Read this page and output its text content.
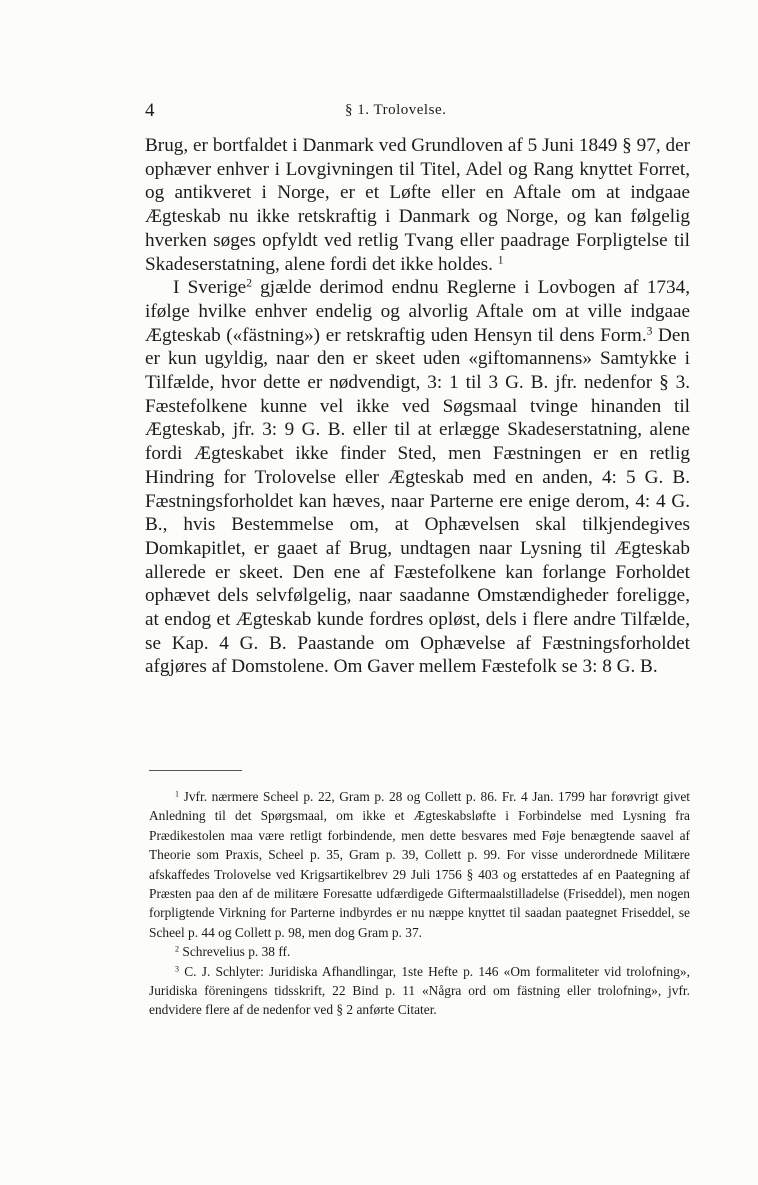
4	§ 1. Trolovelse.

Brug, er bortfaldet i Danmark ved Grundloven af 5 Juni 1849 § 97, der ophæver enhver i Lovgivningen til Titel, Adel og Rang knyttet Forret, og antikveret i Norge, er et Løfte eller en Aftale om at indgaae Ægteskab nu ikke retskraftig i Danmark og Norge, og kan følgelig hverken søges opfyldt ved retlig Tvang eller paadrage Forpligtelse til Skadeserstatning, alene fordi det ikke holdes. $^1$

I Sverige$^2$ gjælde derimod endnu Reglerne i Lovbogen af 1734, ifølge hvilke enhver endelig og alvorlig Aftale om at ville indgaae Ægteskab («fästning») er retskraftig uden Hensyn til dens Form.$^3$ Den er kun ugyldig, naar den er skeet uden «giftomannens» Samtykke i Tilfælde, hvor dette er nødvendigt, 3: 1 til 3 G. B. jfr. nedenfor § 3. Fæstefolkene kunne vel ikke ved Søgsmaal tvinge hinanden til Ægteskab, jfr. 3: 9 G. B. eller til at erlægge Skadeserstatning, alene fordi Ægteskabet ikke finder Sted, men Fæstningen er en retlig Hindring for Trolovelse eller Ægteskab med en anden, 4: 5 G. B. Fæstningsforholdet kan hæves, naar Parterne ere enige derom, 4: 4 G. B., hvis Bestemmelse om, at Ophævelsen skal tilkjendegives Domkapitlet, er gaaet af Brug, undtagen naar Lysning til Ægteskab allerede er skeet. Den ene af Fæstefolkene kan forlange Forholdet ophævet dels selvfølgelig, naar saadanne Omstændigheder foreligge, at endog et Ægteskab kunde fordres opløst, dels i flere andre Tilfælde, se Kap. 4 G. B. Paastande om Ophævelse af Fæstningsforholdet afgjøres af Domstolene. Om Gaver mellem Fæstefolk se 3: 8 G. B.

$^1$ Jvfr. nærmere Scheel p. 22, Gram p. 28 og Collett p. 86. Fr. 4 Jan. 1799 har forøvrigt givet Anledning til det Spørgsmaal, om ikke et Ægteskabsløfte i Forbindelse med Lysning fra Prædikestolen maa være retligt forbindende, men dette besvares med Føje benægtende saavel af Theorie som Praxis, Scheel p. 35, Gram p. 39, Collett p. 99. For visse underordnede Militære afskaffedes Trolovelse ved Krigsartikelbrev 29 Juli 1756 § 403 og erstattedes af en Paategning af Præsten paa den af de militære Foresatte udfærdigede Giftermaalstilladelse (Friseddel), men nogen forpligtende Virkning for Parterne indbyrdes er nu næppe knyttet til saadan paategnet Friseddel, se Scheel p. 44 og Collett p. 98, men dog Gram p. 37.

$^2$ Schrevelius p. 38 ff.

$^3$ C. J. Schlyter: Juridiska Afhandlingar, 1ste Hefte p. 146 «Om formaliteter vid trolofning», Juridiska föreningens tidsskrift, 22 Bind p. 11 «Några ord om fästning eller trolofning», jvfr. endvidere flere af de nedenfor ved § 2 anførte Citater.
